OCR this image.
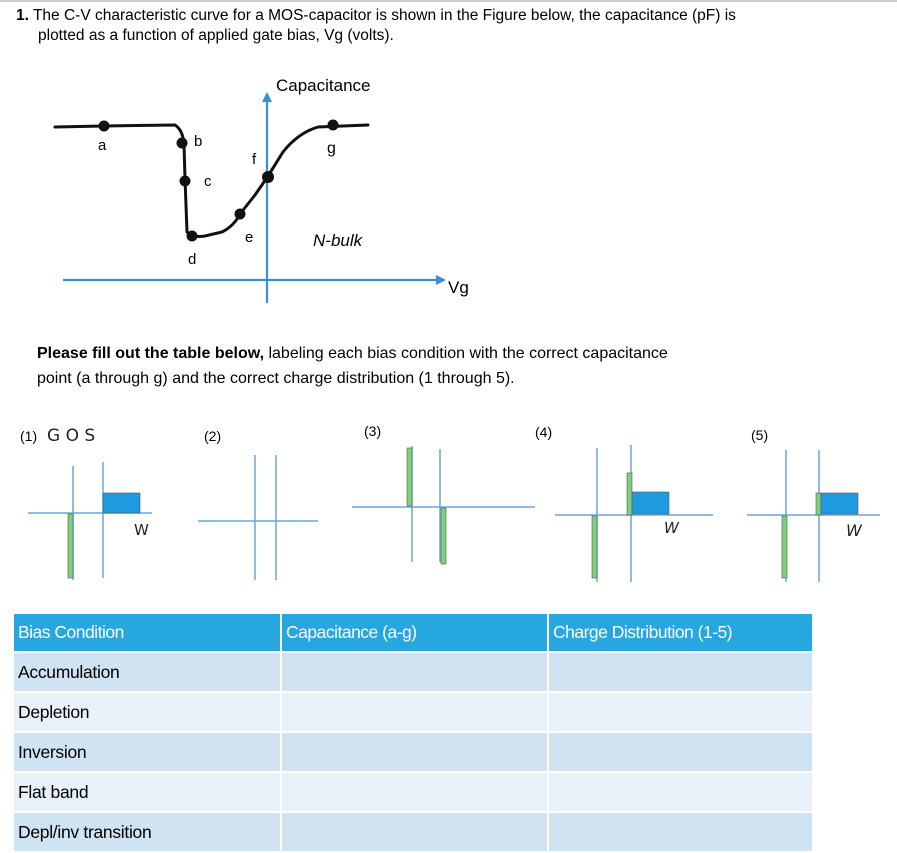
1. The C-V characteristic curve for a MOS-capacitor is shown in the Figure below, the capacitance (pF) is
plotted as a function of applied gate bias, Vg (volts).
a	b
c
d
e
f
g
Capacitance
N-bulk
Vg
Please fill out the table below, labeling each bias condition with the correct capacitance
point (a through g) and the correct charge distribution (1 through 5).
(1) G O S
W
(2)	(3)	(4)
W
(5)
W
Bias Condition	Capacitance (a-g)	Charge Distribution (1-5)
Accumulation		
Depletion		
Inversion		
Flat band		
Depl/inv transition		
